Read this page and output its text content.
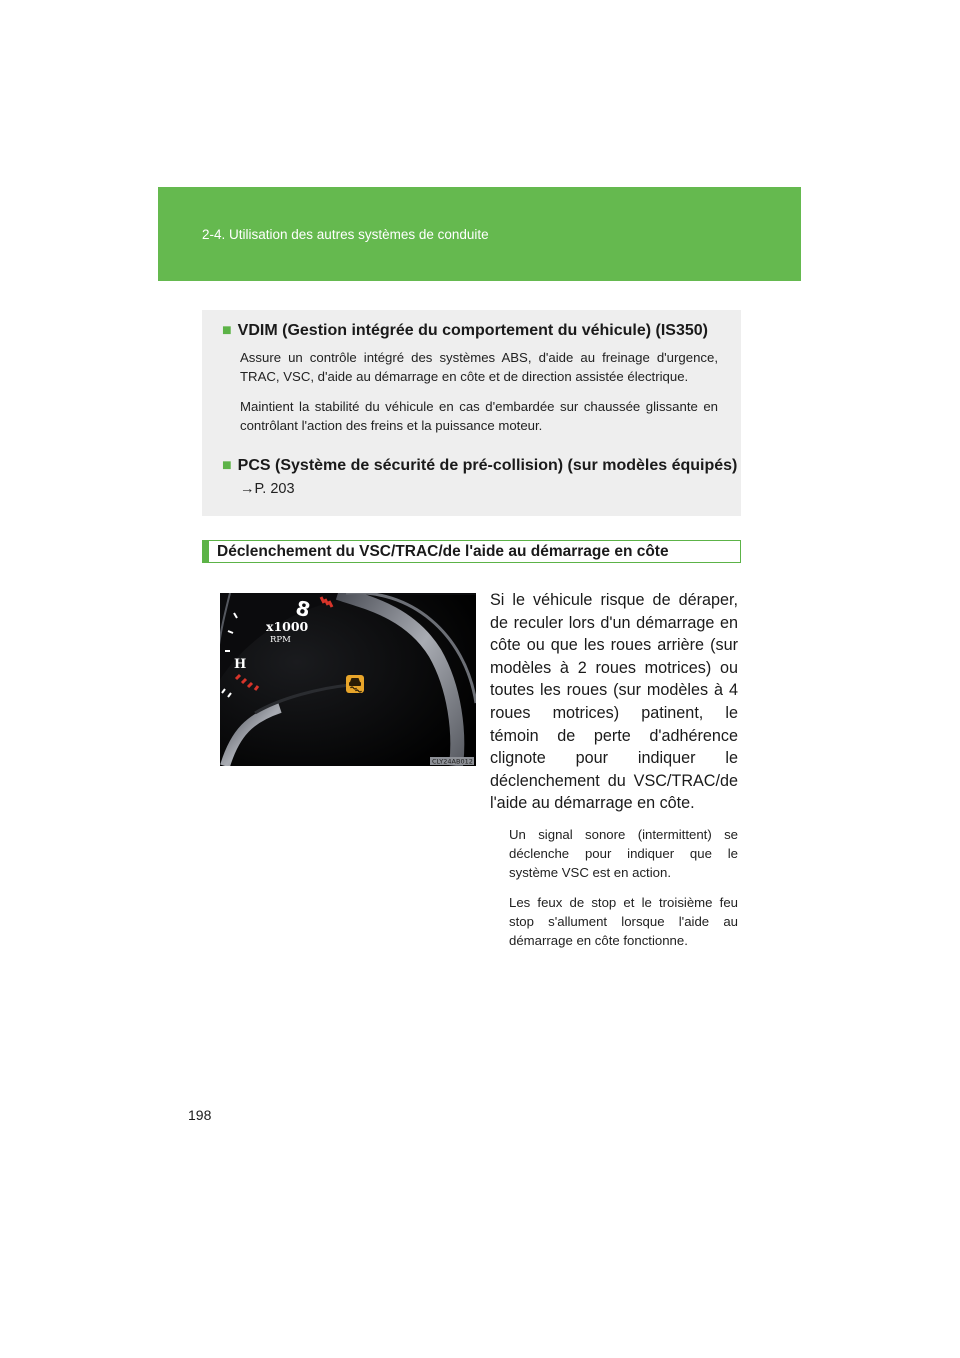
2-4. Utilisation des autres systèmes de conduite
■ VDIM (Gestion intégrée du comportement du véhicule) (IS350)
Assure un contrôle intégré des systèmes ABS, d'aide au freinage d'urgence, TRAC, VSC, d'aide au démarrage en côte et de direction assistée électrique.
Maintient la stabilité du véhicule en cas d'embardée sur chaussée glissante en contrôlant l'action des freins et la puissance moteur.
■ PCS (Système de sécurité de pré-collision) (sur modèles équipés)
→P. 203
Déclenchement du VSC/TRAC/de l'aide au démarrage en côte
8
x1000
RPM
H
CLY24AB012
Si le véhicule risque de déraper, de reculer lors d'un démarrage en côte ou que les roues arrière (sur modèles à 2 roues motrices) ou toutes les roues (sur modèles à 4 roues motrices) patinent, le témoin de perte d'adhérence clignote pour indiquer le déclenchement du VSC/TRAC/de l'aide au démarrage en côte.
Un signal sonore (intermittent) se déclenche pour indiquer que le système VSC est en action.
Les feux de stop et le troisième feu stop s'allument lorsque l'aide au démarrage en côte fonctionne.
198
